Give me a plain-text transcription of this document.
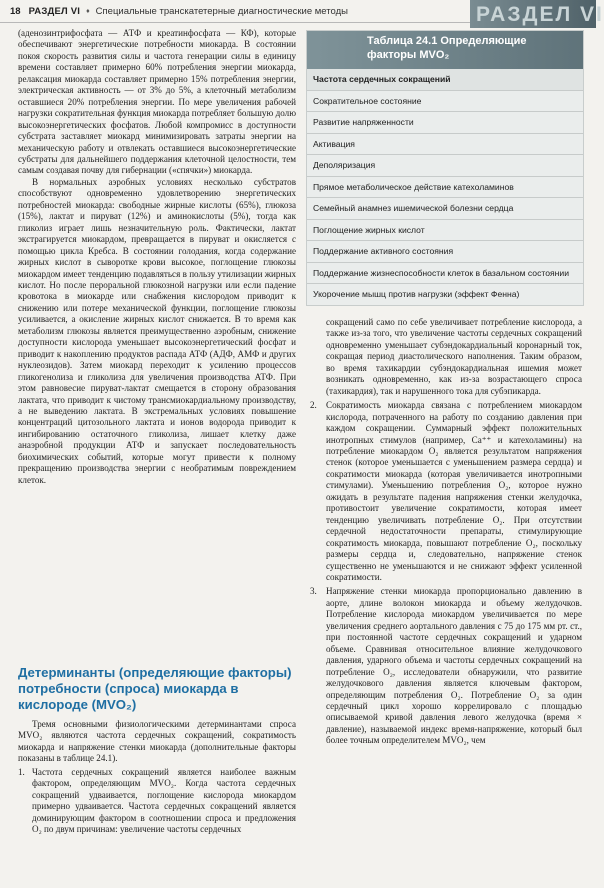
18 РАЗДЕЛ VI ♦ Специальные транскатетерные диагностические методы	РАЗДЕЛ VI

(аденозинтрифосфата — АТФ и креатинфосфата — КФ), которые обеспечивают энергетические потребности миокарда. В состоянии покоя скорость развития силы и частота генерации силы в единицу времени составляет примерно 60% потребления энергии миокарда, релаксация миокарда составляет примерно 15% потребления энергии, электрическая активность — от 3% до 5%, а клеточный метаболизм оставшиеся 20% потребления энергии. По мере увеличения рабочей нагрузки сократительная функция миокарда потребляет большую долю высокоэнергетических фосфатов. Любой компромисс в доступности субстрата заставляет миокард минимизировать затраты энергии на механическую работу и отвлекать оставшиеся высокоэнергетические субстраты для дальнейшего поддержания клеточной целостности, тем самым создавая почву для гибернации («спячки») миокарда.

В нормальных аэробных условиях несколько субстратов способствуют одновременно удовлетворению энергетических потребностей миокарда: свободные жирные кислоты (65%), глюкоза (15%), лактат и пируват (12%) и аминокислоты (5%), тогда как гликолиз играет лишь незначительную роль. Фактически, лактат экстрагируется миокардом, превращается в пируват и окисляется с помощью цикла Кребса. В состоянии голодания, когда содержание жирных кислот в сыворотке крови высокое, поглощение глюкозы миокардом имеет тенденцию подавляться в пользу утилизации жирных кислот. Но после пероральной глюкозной нагрузки или если падение кровотока в миокарде или снабжения кислородом приводит к снижению или потере механической функции, поглощение глюкозы усиливается, а окисление жирных кислот снижается. В то время как метаболизм глюкозы является преимущественно аэробным, снижение доступности кислорода уменьшает высокоэнергетический фосфат и приводит к накоплению продуктов распада АТФ (АДФ, АМФ и других нуклеозидов). Затем миокард переходит к усилению процессов гликогенолиза и гликолиза для увеличения производства АТФ. При этом равновесие пируват-лактат смещается в сторону образования лактата, что приводит к чистому трансмиокардиальному производству, а не выведению лактата. В экстремальных условиях повышение концентраций цитозольного лактата и ионов водорода приводит к ингибированию остаточного гликолиза, лишает клетку даже анаэробной продукции АТФ и запускает последовательность биохимических событий, которые могут привести к полному прекращению производства энергии с необратимым повреждением клеток.

Детерминанты (определяющие факторы) потребности (спроса) миокарда в кислороде (MVO₂)

Тремя основными физиологическими детерминантами спроса MVO₂ являются частота сердечных сокращений, сократимость миокарда и напряжение стенки миокарда (дополнительные факторы показаны в таблице 24.1).

1. Частота сердечных сокращений является наиболее важным фактором, определяющим MVO₂. Когда частота сердечных сокращений удваивается, поглощение кислорода миокардом примерно удваивается. Частота сердечных сокращений является доминирующим фактором в соотношении спроса и предложения O₂ по двум причинам: увеличение частоты сердечных
Таблица 24.1 Определяющие факторы MVO₂
Частота сердечных сокращений
Сократительное состояние
Развитие напряженности
Активация
Деполяризация
Прямое метаболическое действие катехоламинов
Семейный анамнез ишемической болезни сердца
Поглощение жирных кислот
Поддержание активного состояния
Поддержание жизнеспособности клеток в базальном состоянии
Укорочение мышц против нагрузки (эффект Фенна)

сокращений само по себе увеличивает потребление кислорода, а также из-за того, что увеличение частоты сердечных сокращений одновременно уменьшает субэндокардиальный коронарный ток, сокращая период диастолического наполнения. Таким образом, во время тахикардии субэндокардиальная ишемия может возникать одновременно, как из-за возрастающего спроса (тахикардия), так и нарушенного тока для субэпикарда.

2.	Сократимость миокарда связана с потреблением миокардом кислорода, потраченного на работу по созданию давления при каждом сокращении. Суммарный эффект положительных инотропных стимулов (например, Ca⁺⁺ и катехоламины) на потребление миокардом O₂ является результатом напряжения стенок (которое уменьшается с уменьшением размера сердца) и сократимости миокарда (которая увеличивается инотропными стимулами). Уменьшению потребления O₂, которое нужно ожидать в результате падения напряжения стенки желудочка, противостоит увеличение сократимости, которая имеет тенденцию увеличивать потребление O₂. При отсутствии сердечной недостаточности препараты, стимулирующие сократимость миокарда, повышают потребление O₂, поскольку размеры сердца и, следовательно, напряжение стенок существенно не уменьшаются и не снижают эффект усиленной сократимости.
3.	Напряжение стенки миокарда пропорционально давлению в аорте, длине волокон миокарда и объему желудочков. Потребление кислорода миокардом увеличивается по мере увеличения среднего аортального давления с 75 до 175 мм рт. ст., при постоянной частоте сердечных сокращений и ударном объеме. Сравнивая относительное влияние желудочкового давления, ударного объема и частоты сердечных сокращений на потребление O₂, исследователи обнаружили, что развитие желудочкового давления является ключевым фактором, определяющим потребления O₂. Потребление O₂ за один сердечный цикл хорошо коррелировало с площадью описываемой кривой давления левого желудочка (время × давление), называемой индекс время-напряжение, который был более точным определителем MVO₂, чем
